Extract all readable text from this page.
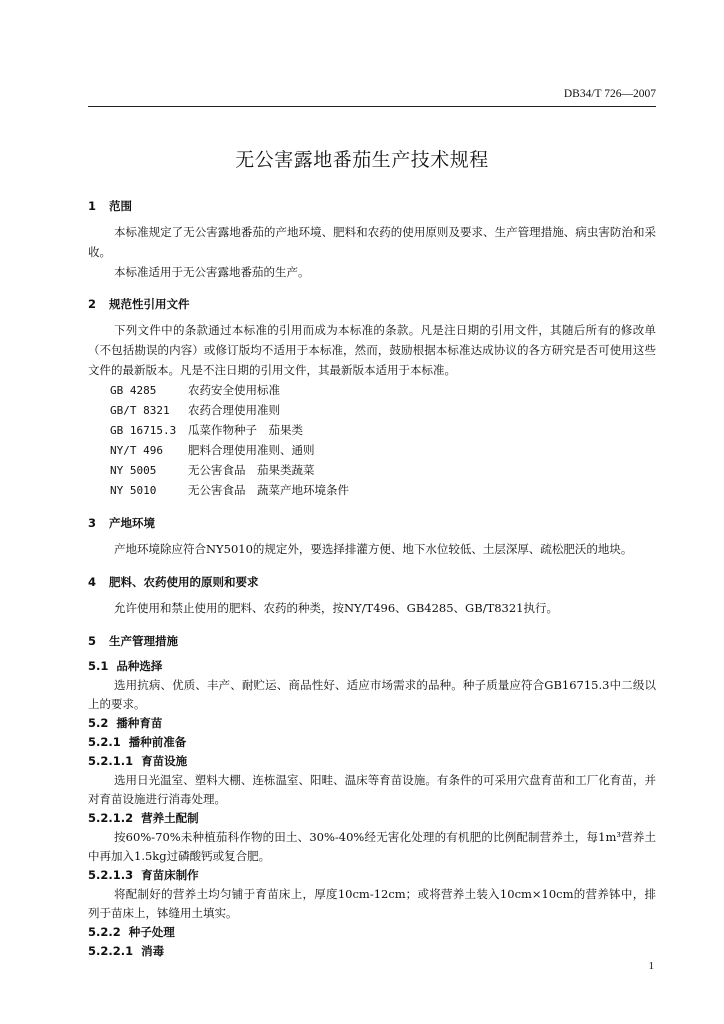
DB34/T 726—2007
无公害露地番茄生产技术规程
1 范围
本标准规定了无公害露地番茄的产地环境、肥料和农药的使用原则及要求、生产管理措施、病虫害防治和采收。
本标准适用于无公害露地番茄的生产。
2 规范性引用文件
下列文件中的条款通过本标准的引用而成为本标准的条款。凡是注日期的引用文件，其随后所有的修改单（不包括勘误的内容）或修订版均不适用于本标准，然而，鼓励根据本标准达成协议的各方研究是否可使用这些文件的最新版本。凡是不注日期的引用文件，其最新版本适用于本标准。
GB 4285	农药安全使用标准
GB/T 8321 农药合理使用准则
GB 16715.3 瓜菜作物种子　茄果类
NY/T 496 肥料合理使用准则、通则
NY 5005	无公害食品　茄果类蔬菜
NY 5010	无公害食品　蔬菜产地环境条件
3 产地环境
产地环境除应符合NY5010的规定外，要选择排灌方便、地下水位较低、土层深厚、疏松肥沃的地块。
4 肥料、农药使用的原则和要求
允许使用和禁止使用的肥料、农药的种类，按NY/T496、GB4285、GB/T8321执行。
5 生产管理措施
5.1 品种选择
选用抗病、优质、丰产、耐贮运、商品性好、适应市场需求的品种。种子质量应符合GB16715.3中二级以上的要求。
5.2 播种育苗
5.2.1 播种前准备
5.2.1.1 育苗设施
选用日光温室、塑料大棚、连栋温室、阳畦、温床等育苗设施。有条件的可采用穴盘育苗和工厂化育苗，并对育苗设施进行消毒处理。
5.2.1.2 营养土配制
按60%-70%未种植茄科作物的田土、30%-40%经无害化处理的有机肥的比例配制营养土，每1m³营养土中再加入1.5kg过磷酸钙或复合肥。
5.2.1.3 育苗床制作
将配制好的营养土均匀铺于育苗床上，厚度10cm-12cm；或将营养土装入10cm×10cm的营养钵中，排列于苗床上，钵缝用土填实。
5.2.2 种子处理
5.2.2.1 消毒
1
